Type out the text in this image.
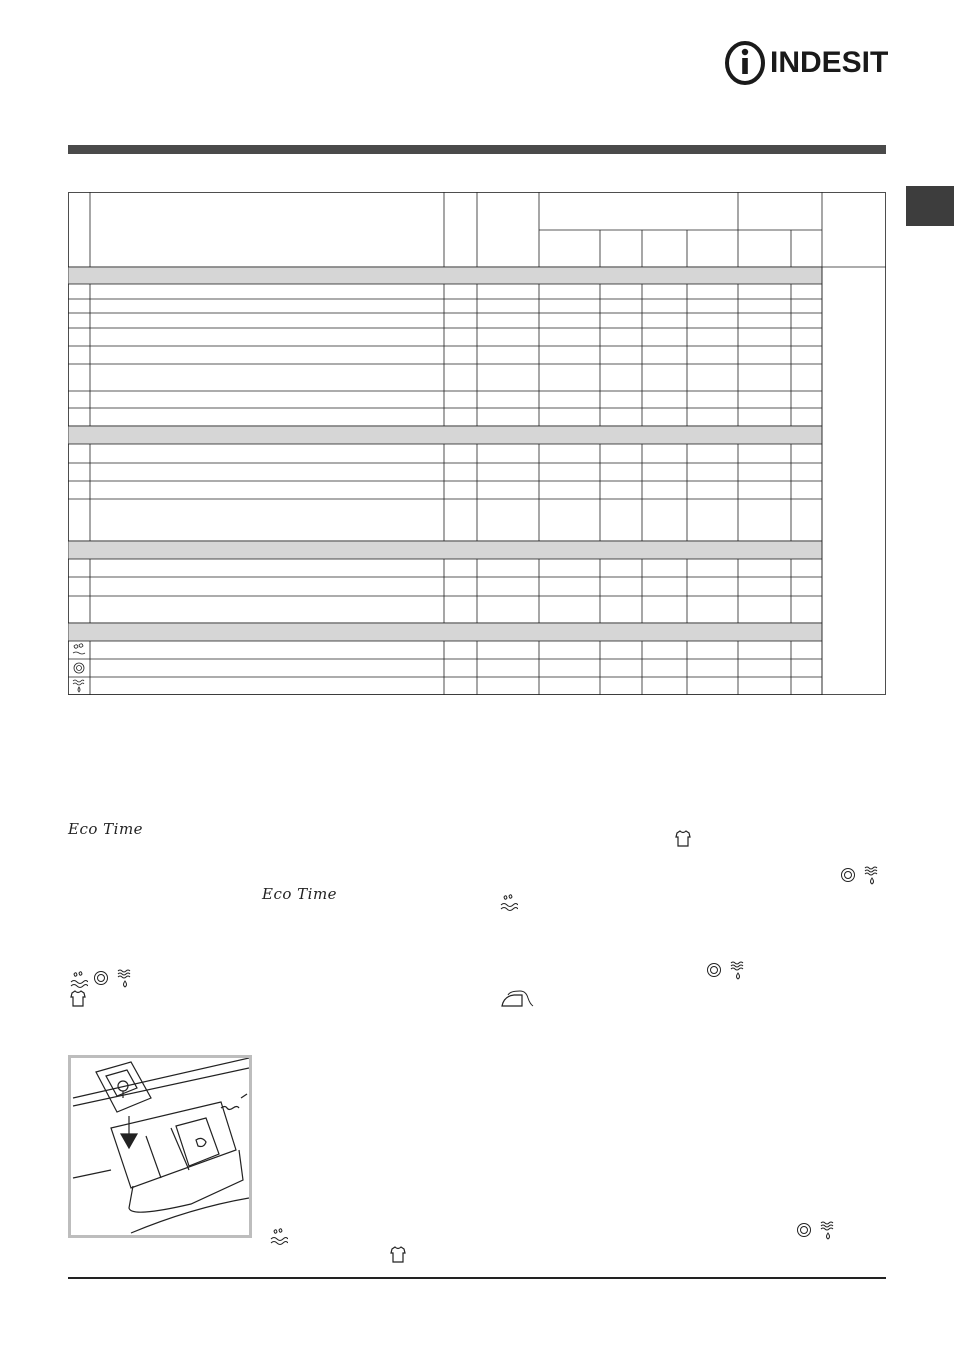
INDESIT
Eco Time
Eco Time
